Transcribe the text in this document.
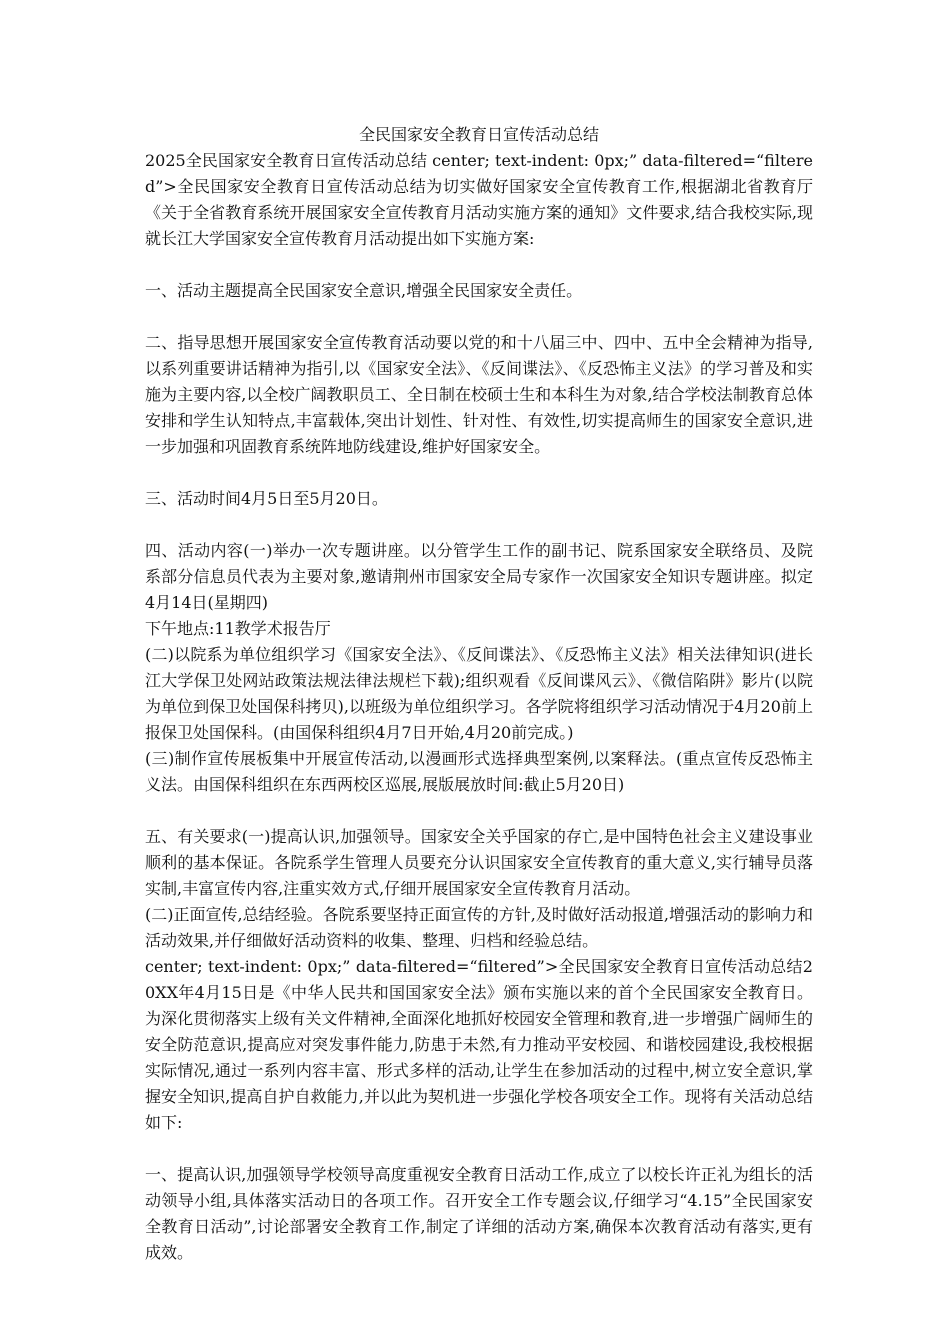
全民国家安全教育日宣传活动总结

2025全民国家安全教育日宣传活动总结 center; text-indent: 0px;” data-filtered=“filtered”>全民国家安全教育日宣传活动总结为切实做好国家安全宣传教育工作,根据湖北省教育厅《关于全省教育系统开展国家安全宣传教育月活动实施方案的通知》文件要求,结合我校实际,现就长江大学国家安全宣传教育月活动提出如下实施方案:

一、活动主题提高全民国家安全意识,增强全民国家安全责任。

二、指导思想开展国家安全宣传教育活动要以党的和十八届三中、四中、五中全会精神为指导,以系列重要讲话精神为指引,以《国家安全法》、《反间谍法》、《反恐怖主义法》的学习普及和实施为主要内容,以全校广阔教职员工、全日制在校硕士生和本科生为对象,结合学校法制教育总体安排和学生认知特点,丰富载体,突出计划性、针对性、有效性,切实提高师生的国家安全意识,进一步加强和巩固教育系统阵地防线建设,维护好国家安全。

三、活动时间4月5日至5月20日。

四、活动内容(一)举办一次专题讲座。以分管学生工作的副书记、院系国家安全联络员、及院系部分信息员代表为主要对象,邀请荆州市国家安全局专家作一次国家安全知识专题讲座。拟定4月14日(星期四)

下午地点:11教学术报告厅

(二)以院系为单位组织学习《国家安全法》、《反间谍法》、《反恐怖主义法》相关法律知识(进长江大学保卫处网站政策法规法律法规栏下载);组织观看《反间谍风云》、《微信陷阱》影片(以院为单位到保卫处国保科拷贝),以班级为单位组织学习。各学院将组织学习活动情况于4月20前上报保卫处国保科。(由国保科组织4月7日开始,4月20前完成。)

(三)制作宣传展板集中开展宣传活动,以漫画形式选择典型案例,以案释法。(重点宣传反恐怖主义法。由国保科组织在东西两校区巡展,展版展放时间:截止5月20日)

五、有关要求(一)提高认识,加强领导。国家安全关乎国家的存亡,是中国特色社会主义建设事业顺利的基本保证。各院系学生管理人员要充分认识国家安全宣传教育的重大意义,实行辅导员落实制,丰富宣传内容,注重实效方式,仔细开展国家安全宣传教育月活动。

(二)正面宣传,总结经验。各院系要坚持正面宣传的方针,及时做好活动报道,增强活动的影响力和活动效果,并仔细做好活动资料的收集、整理、归档和经验总结。

center; text-indent: 0px;” data-filtered=“filtered”>全民国家安全教育日宣传活动总结20XX年4月15日是《中华人民共和国国家安全法》颁布实施以来的首个全民国家安全教育日。为深化贯彻落实上级有关文件精神,全面深化地抓好校园安全管理和教育,进一步增强广阔师生的安全防范意识,提高应对突发事件能力,防患于未然,有力推动平安校园、和谐校园建设,我校根据实际情况,通过一系列内容丰富、形式多样的活动,让学生在参加活动的过程中,树立安全意识,掌握安全知识,提高自护自救能力,并以此为契机进一步强化学校各项安全工作。现将有关活动总结如下:

一、提高认识,加强领导学校领导高度重视安全教育日活动工作,成立了以校长许正礼为组长的活动领导小组,具体落实活动日的各项工作。召开安全工作专题会议,仔细学习“4.15”全民国家安全教育日活动”,讨论部署安全教育工作,制定了详细的活动方案,确保本次教育活动有落实,更有成效。
